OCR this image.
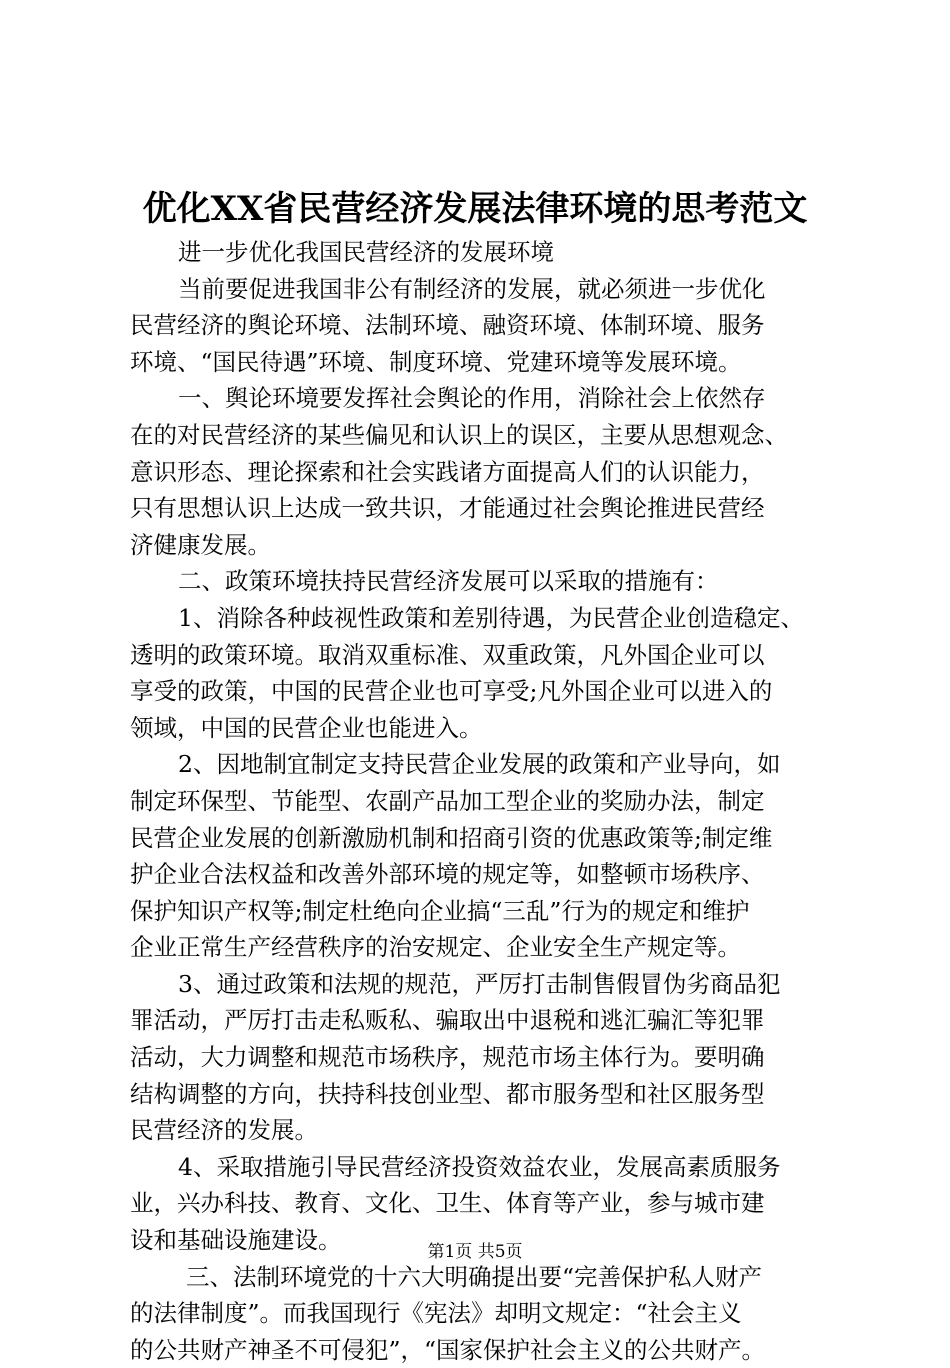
优化XX省民营经济发展法律环境的思考范文
进一步优化我国民营经济的发展环境
当前要促进我国非公有制经济的发展，就必须进一步优化
民营经济的舆论环境、法制环境、融资环境、体制环境、服务
环境、“国民待遇”环境、制度环境、党建环境等发展环境。
一、舆论环境要发挥社会舆论的作用，消除社会上依然存
在的对民营经济的某些偏见和认识上的误区，主要从思想观念、
意识形态、理论探索和社会实践诸方面提高人们的认识能力，
只有思想认识上达成一致共识，才能通过社会舆论推进民营经
济健康发展。
二、政策环境扶持民营经济发展可以采取的措施有：
1、消除各种歧视性政策和差别待遇，为民营企业创造稳定、
透明的政策环境。取消双重标准、双重政策，凡外国企业可以
享受的政策，中国的民营企业也可享受;凡外国企业可以进入的
领域，中国的民营企业也能进入。
2、因地制宜制定支持民营企业发展的政策和产业导向，如
制定环保型、节能型、农副产品加工型企业的奖励办法，制定
民营企业发展的创新激励机制和招商引资的优惠政策等;制定维
护企业合法权益和改善外部环境的规定等，如整顿市场秩序、
保护知识产权等;制定杜绝向企业搞“三乱”行为的规定和维护
企业正常生产经营秩序的治安规定、企业安全生产规定等。
3、通过政策和法规的规范，严厉打击制售假冒伪劣商品犯
罪活动，严厉打击走私贩私、骗取出中退税和逃汇骗汇等犯罪
活动，大力调整和规范市场秩序，规范市场主体行为。要明确
结构调整的方向，扶持科技创业型、都市服务型和社区服务型
民营经济的发展。
4、采取措施引导民营经济投资效益农业，发展高素质服务
业，兴办科技、教育、文化、卫生、体育等产业，参与城市建
设和基础设施建设。
三、法制环境党的十六大明确提出要“完善保护私人财产
的法律制度”。而我国现行《宪法》却明文规定：“社会主义
的公共财产神圣不可侵犯”，“国家保护社会主义的公共财产。
第1页 共5页
